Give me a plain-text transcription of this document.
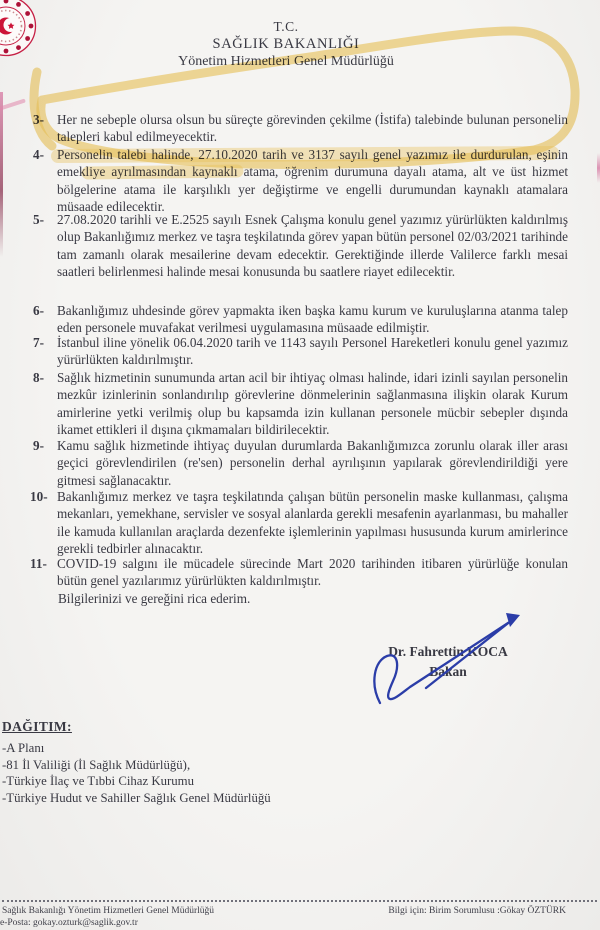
T.C.
SAĞLIK BAKANLIĞI
Yönetim Hizmetleri Genel Müdürlüğü
3- Her ne sebeple olursa olsun bu süreçte görevinden çekilme (İstifa) talebinde bulunan personelin talepleri kabul edilmeyecektir.
4- Personelin talebi halinde, 27.10.2020 tarih ve 3137 sayılı genel yazımız ile durdurulan, eşinin emekliye ayrılmasından kaynaklı atama, öğrenim durumuna dayalı atama, alt ve üst hizmet bölgelerine atama ile karşılıklı yer değiştirme ve engelli durumundan kaynaklı atamalara müsaade edilecektir.
5- 27.08.2020 tarihli ve E.2525 sayılı Esnek Çalışma konulu genel yazımız yürürlükten kaldırılmış olup Bakanlığımız merkez ve taşra teşkilatında görev yapan bütün personel 02/03/2021 tarihinde tam zamanlı olarak mesailerine devam edecektir. Gerektiğinde illerde Valilerce farklı mesai saatleri belirlenmesi halinde mesai konusunda bu saatlere riayet edilecektir.
6- Bakanlığımız uhdesinde görev yapmakta iken başka kamu kurum ve kuruluşlarına atanma talep eden personele muvafakat verilmesi uygulamasına müsaade edilmiştir.
7- İstanbul iline yönelik 06.04.2020 tarih ve 1143 sayılı Personel Hareketleri konulu genel yazımız yürürlükten kaldırılmıştır.
8- Sağlık hizmetinin sunumunda artan acil bir ihtiyaç olması halinde, idari izinli sayılan personelin mezkûr izinlerinin sonlandırılıp görevlerine dönmelerinin sağlanmasına ilişkin olarak Kurum amirlerine yetki verilmiş olup bu kapsamda izin kullanan personele mücbir sebepler dışında ikamet ettikleri il dışına çıkmamaları bildirilecektir.
9- Kamu sağlık hizmetinde ihtiyaç duyulan durumlarda Bakanlığımızca zorunlu olarak iller arası geçici görevlendirilen (re'sen) personelin derhal ayrılışının yapılarak görevlendirildiği yere gitmesi sağlanacaktır.
10- Bakanlığımız merkez ve taşra teşkilatında çalışan bütün personelin maske kullanması, çalışma mekanları, yemekhane, servisler ve sosyal alanlarda gerekli mesafenin ayarlanması, bu mahaller ile kamuda kullanılan araçlarda dezenfekte işlemlerinin yapılması hususunda kurum amirlerince gerekli tedbirler alınacaktır.
11- COVID-19 salgını ile mücadele sürecinde Mart 2020 tarihinden itibaren yürürlüğe konulan bütün genel yazılarımız yürürlükten kaldırılmıştır.
Bilgilerinizi ve gereğini rica ederim.
Dr. Fahrettin KOCA
Bakan
DAĞITIM:
-A Planı
-81 İl Valiliği (İl Sağlık Müdürlüğü),
-Türkiye İlaç ve Tıbbi Cihaz Kurumu
-Türkiye Hudut ve Sahiller Sağlık Genel Müdürlüğü
Sağlık Bakanlığı Yönetim Hizmetleri Genel Müdürlüğü
e-Posta: gokay.ozturk@saglik.gov.tr
Bilgi için: Birim Sorumlusu :Gökay ÖZTÜRK
